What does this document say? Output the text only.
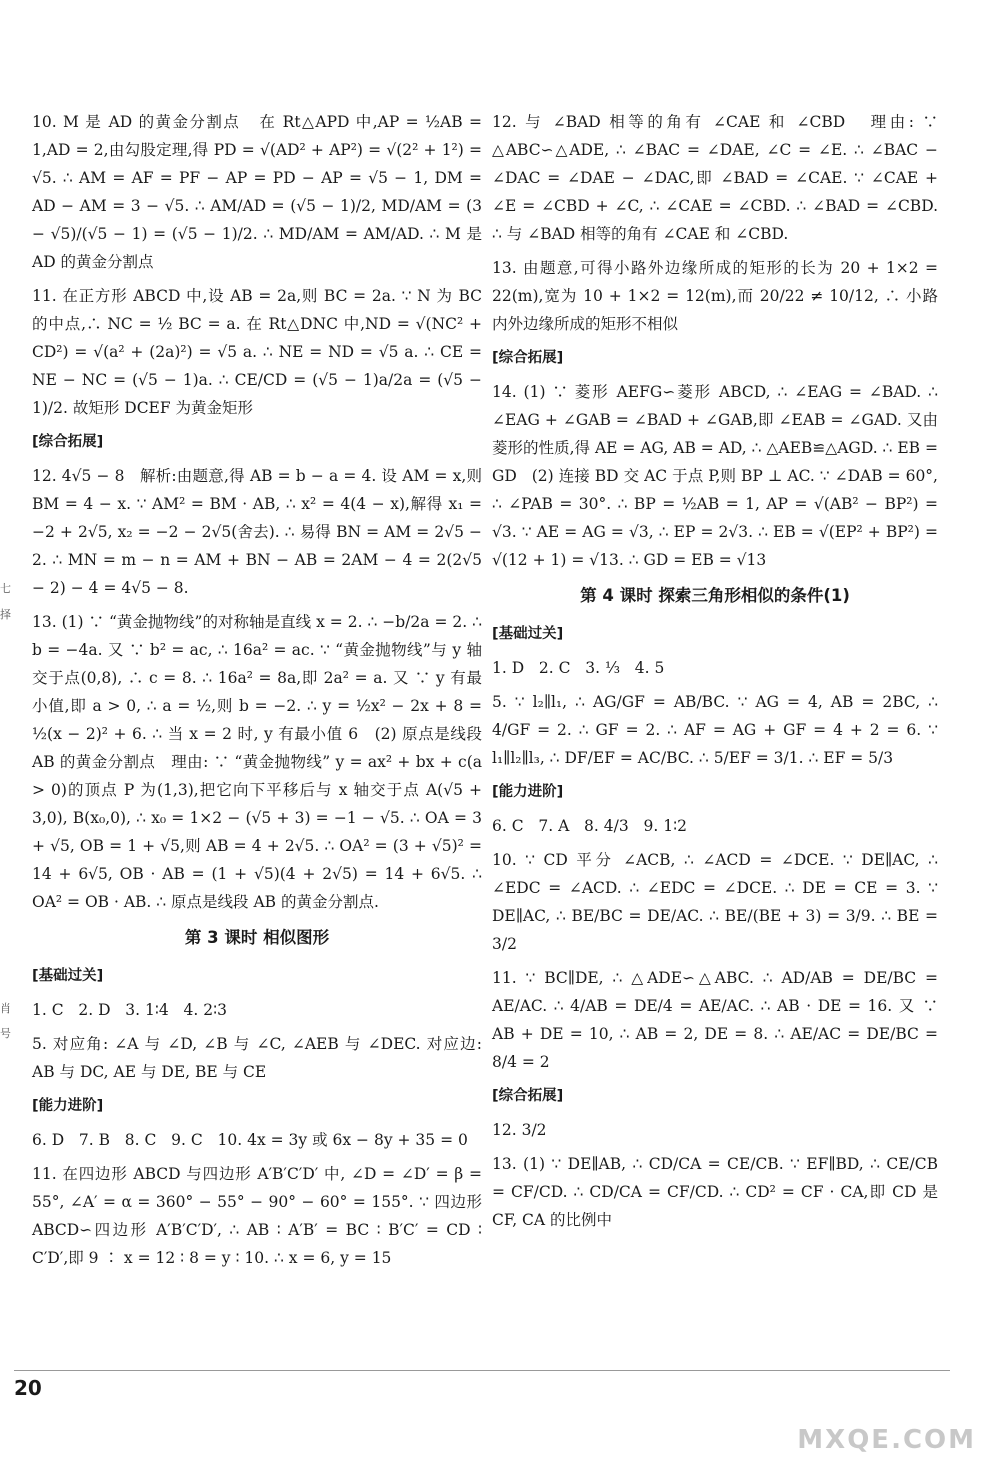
10. M 是 AD 的黄金分割点   在 Rt△APD 中,AP = ½AB = 1,AD = 2,由勾股定理,得 PD = √(AD² + AP²) = √(2² + 1²) = √5. ∴ AM = AF = PF − AP = PD − AP = √5 − 1, DM = AD − AM = 3 − √5. ∴ AM/AD = (√5 − 1)/2, MD/AM = (3 − √5)/(√5 − 1) = (√5 − 1)/2. ∴ MD/AM = AM/AD. ∴ M 是 AD 的黄金分割点
11. 在正方形 ABCD 中,设 AB = 2a,则 BC = 2a. ∵ N 为 BC 的中点,∴ NC = ½ BC = a. 在 Rt△DNC 中,ND = √(NC² + CD²) = √(a² + (2a)²) = √5 a. ∴ NE = ND = √5 a. ∴ CE = NE − NC = (√5 − 1)a. ∴ CE/CD = (√5 − 1)a/2a = (√5 − 1)/2. 故矩形 DCEF 为黄金矩形
[综合拓展]
12. 4√5 − 8   解析:由题意,得 AB = b − a = 4. 设 AM = x,则 BM = 4 − x. ∵ AM² = BM · AB, ∴ x² = 4(4 − x),解得 x₁ = −2 + 2√5, x₂ = −2 − 2√5(舍去). ∴ 易得 BN = AM = 2√5 − 2. ∴ MN = m − n = AM + BN − AB = 2AM − 4 = 2(2√5 − 2) − 4 = 4√5 − 8.
13. (1) ∵ “黄金抛物线”的对称轴是直线 x = 2. ∴ −b/2a = 2. ∴ b = −4a. 又 ∵ b² = ac, ∴ 16a² = ac. ∵ “黄金抛物线”与 y 轴交于点(0,8), ∴ c = 8. ∴ 16a² = 8a,即 2a² = a. 又 ∵ y 有最小值,即 a > 0, ∴ a = ½,则 b = −2. ∴ y = ½x² − 2x + 8 = ½(x − 2)² + 6. ∴ 当 x = 2 时, y 有最小值 6   (2) 原点是线段 AB 的黄金分割点   理由: ∵ “黄金抛物线” y = ax² + bx + c(a > 0)的顶点 P 为(1,3),把它向下平移后与 x 轴交于点 A(√5 + 3,0), B(x₀,0), ∴ x₀ = 1×2 − (√5 + 3) = −1 − √5. ∴ OA = 3 + √5, OB = 1 + √5,则 AB = 4 + 2√5. ∴ OA² = (3 + √5)² = 14 + 6√5, OB · AB = (1 + √5)(4 + 2√5) = 14 + 6√5. ∴ OA² = OB · AB. ∴ 原点是线段 AB 的黄金分割点.
第 3 课时 相似图形
[基础过关]
1. C   2. D   3. 1∶4   4. 2∶3
5. 对应角: ∠A 与 ∠D, ∠B 与 ∠C, ∠AEB 与 ∠DEC. 对应边: AB 与 DC, AE 与 DE, BE 与 CE
[能力进阶]
6. D   7. B   8. C   9. C   10. 4x = 3y 或 6x − 8y + 35 = 0
11. 在四边形 ABCD 与四边形 A′B′C′D′ 中, ∠D = ∠D′ = β = 55°, ∠A′ = α = 360° − 55° − 90° − 60° = 155°. ∵ 四边形 ABCD∽四边形 A′B′C′D′, ∴ AB ∶ A′B′ = BC ∶ B′C′ = CD ∶ C′D′,即 9 ∶ x = 12 ∶ 8 = y ∶ 10. ∴ x = 6, y = 15
12. 与 ∠BAD 相等的角有 ∠CAE 和 ∠CBD   理由: ∵ △ABC∽△ADE, ∴ ∠BAC = ∠DAE, ∠C = ∠E. ∴ ∠BAC − ∠DAC = ∠DAE − ∠DAC,即 ∠BAD = ∠CAE. ∵ ∠CAE + ∠E = ∠CBD + ∠C, ∴ ∠CAE = ∠CBD. ∴ ∠BAD = ∠CBD. ∴ 与 ∠BAD 相等的角有 ∠CAE 和 ∠CBD.
13. 由题意,可得小路外边缘所成的矩形的长为 20 + 1×2 = 22(m),宽为 10 + 1×2 = 12(m),而 20/22 ≠ 10/12, ∴ 小路内外边缘所成的矩形不相似
[综合拓展]
14. (1) ∵ 菱形 AEFG∽菱形 ABCD, ∴ ∠EAG = ∠BAD. ∴ ∠EAG + ∠GAB = ∠BAD + ∠GAB,即 ∠EAB = ∠GAD. 又由菱形的性质,得 AE = AG, AB = AD, ∴ △AEB≌△AGD. ∴ EB = GD   (2) 连接 BD 交 AC 于点 P,则 BP ⊥ AC. ∵ ∠DAB = 60°, ∴ ∠PAB = 30°. ∴ BP = ½AB = 1, AP = √(AB² − BP²) = √3. ∵ AE = AG = √3, ∴ EP = 2√3. ∴ EB = √(EP² + BP²) = √(12 + 1) = √13. ∴ GD = EB = √13
第 4 课时 探索三角形相似的条件(1)
[基础过关]
1. D   2. C   3. ⅓   4. 5
5. ∵ l₂∥l₁, ∴ AG/GF = AB/BC. ∵ AG = 4, AB = 2BC, ∴ 4/GF = 2. ∴ GF = 2. ∴ AF = AG + GF = 4 + 2 = 6. ∵ l₁∥l₂∥l₃, ∴ DF/EF = AC/BC. ∴ 5/EF = 3/1. ∴ EF = 5/3
[能力进阶]
6. C   7. A   8. 4/3   9. 1∶2
10. ∵ CD 平分 ∠ACB, ∴ ∠ACD = ∠DCE. ∵ DE∥AC, ∴ ∠EDC = ∠ACD. ∴ ∠EDC = ∠DCE. ∴ DE = CE = 3. ∵ DE∥AC, ∴ BE/BC = DE/AC. ∴ BE/(BE + 3) = 3/9. ∴ BE = 3/2
11. ∵ BC∥DE, ∴ △ADE∽△ABC. ∴ AD/AB = DE/BC = AE/AC. ∴ 4/AB = DE/4 = AE/AC. ∴ AB · DE = 16. 又 ∵ AB + DE = 10, ∴ AB = 2, DE = 8. ∴ AE/AC = DE/BC = 8/4 = 2
[综合拓展]
12. 3/2
13. (1) ∵ DE∥AB, ∴ CD/CA = CE/CB. ∵ EF∥BD, ∴ CE/CB = CF/CD. ∴ CD/CA = CF/CD. ∴ CD² = CF · CA,即 CD 是 CF, CA 的比例中
20
MXQE.COM
七
择
肖
号
